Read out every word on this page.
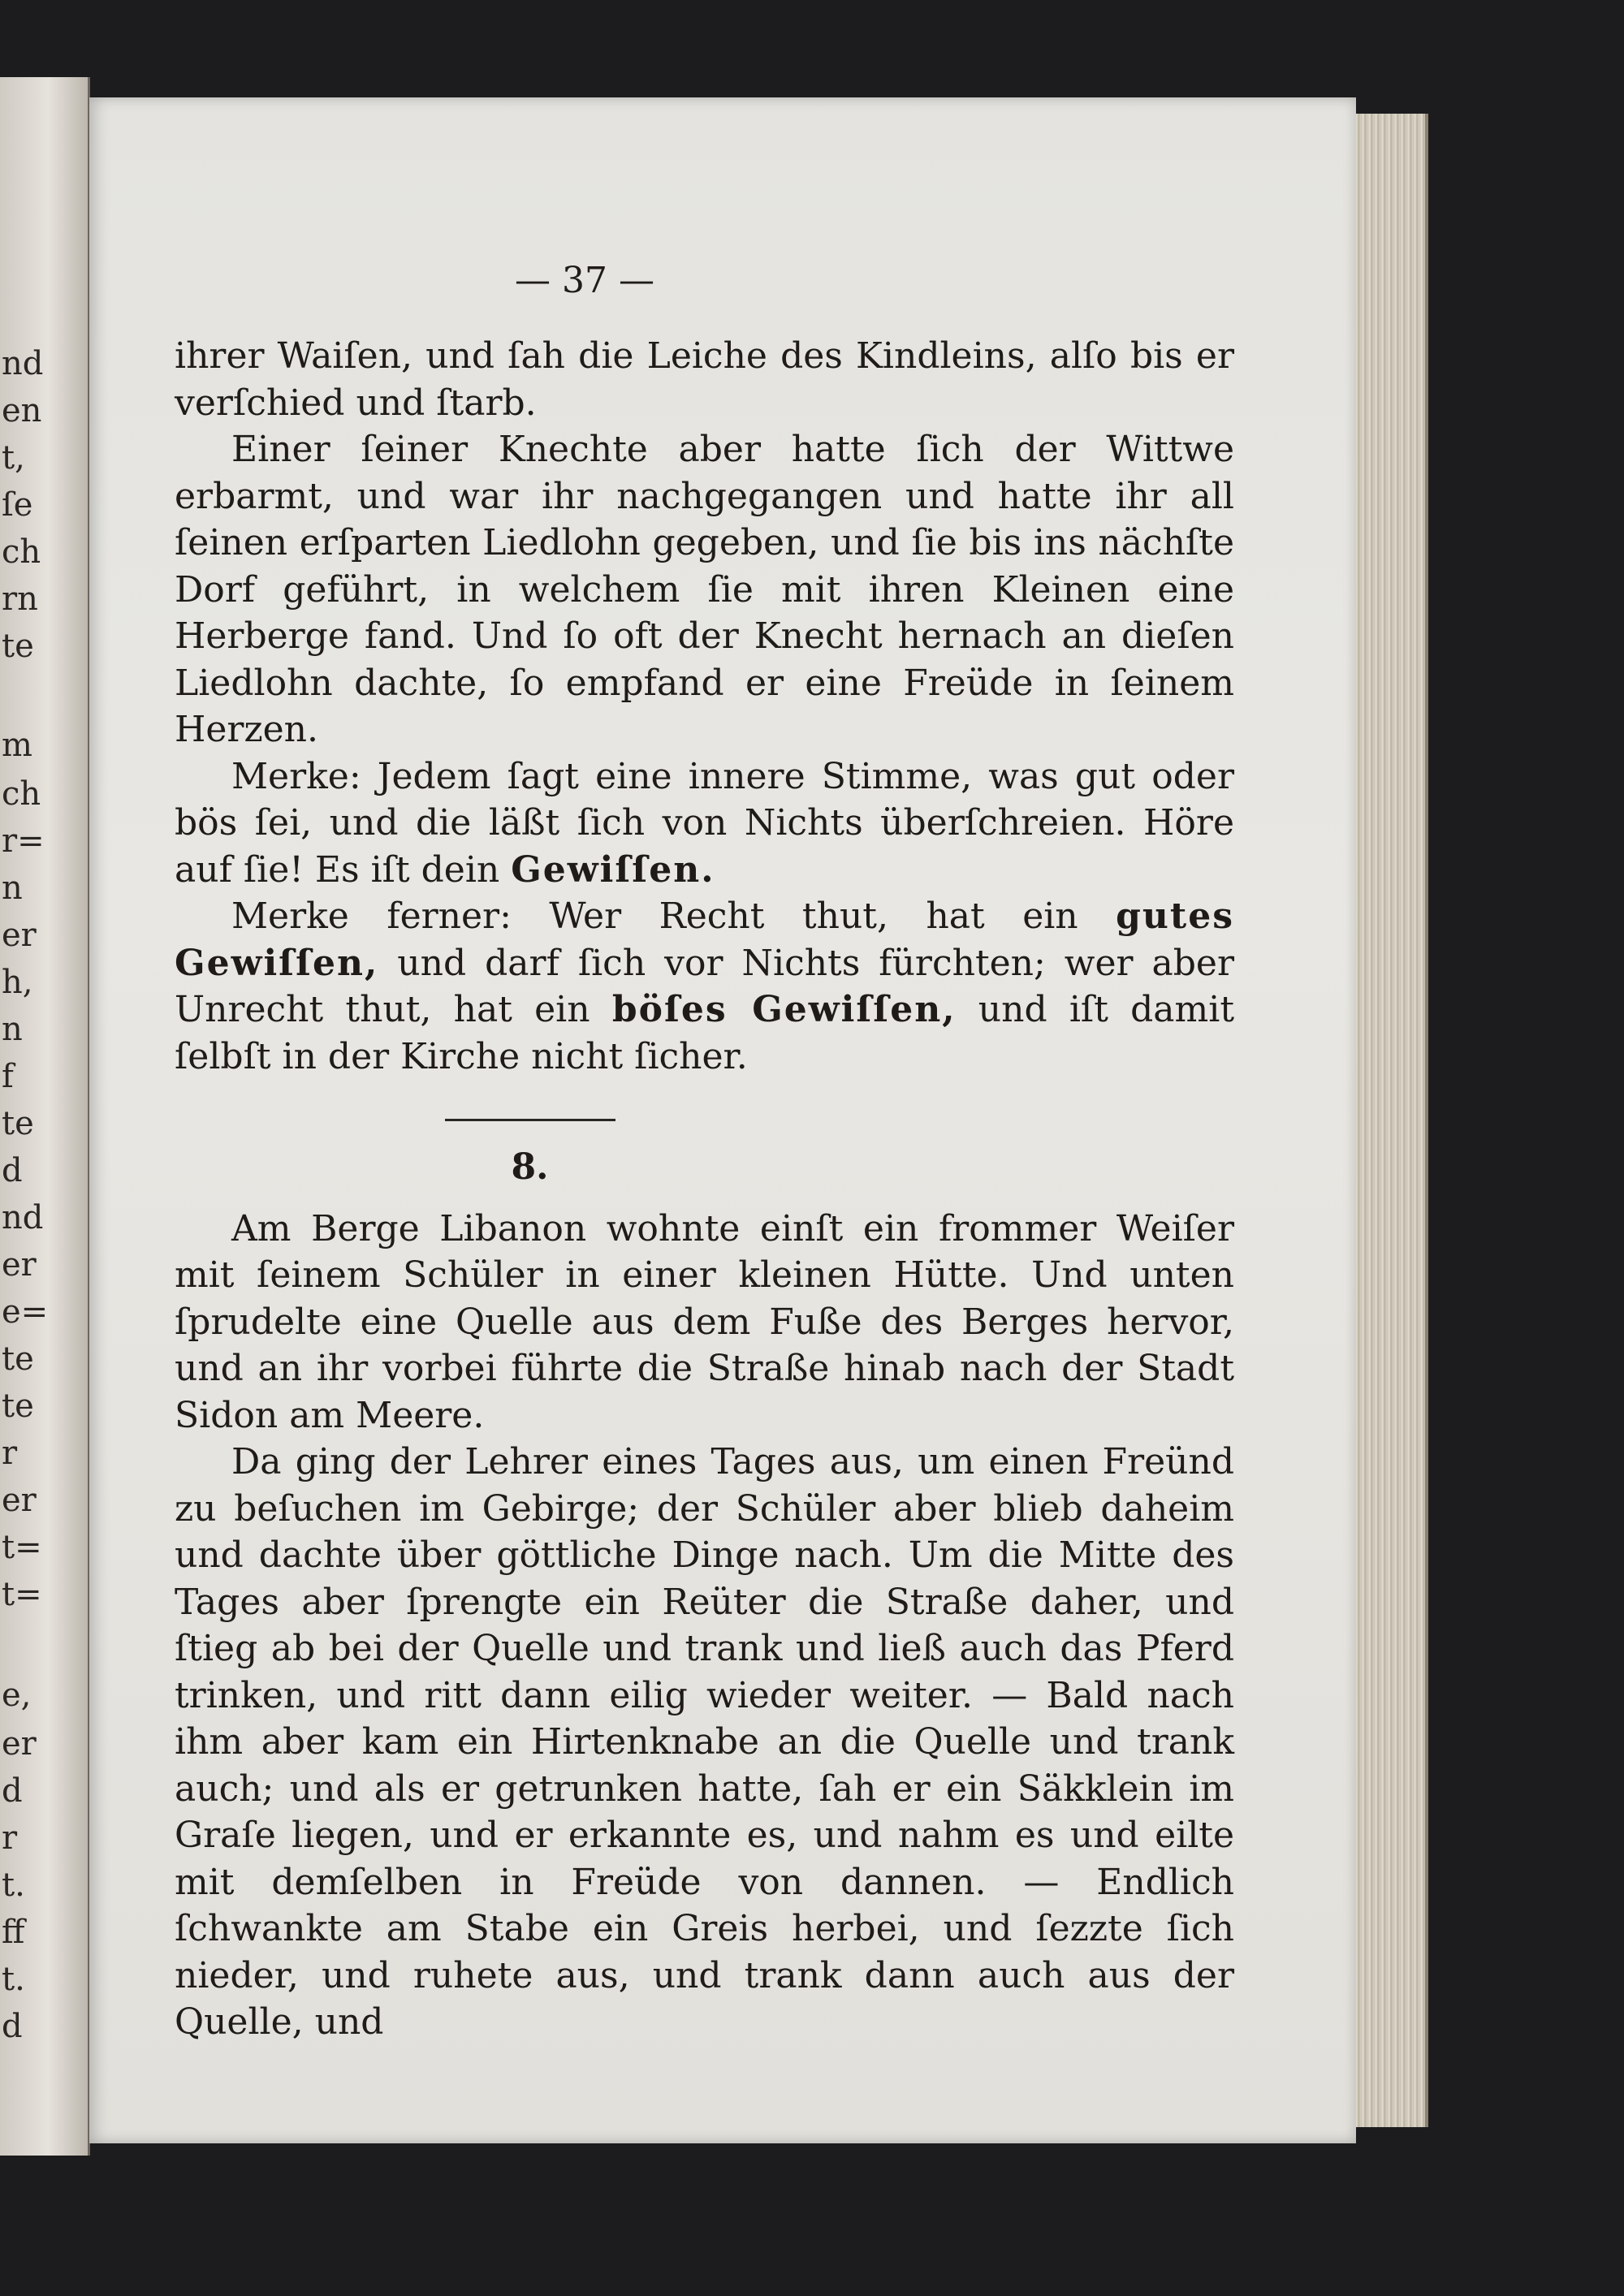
nd
en
t,
ſe
ch
rn
te
m
ch
r=
n
er
h,
n
f
te
d
nd
er
e=
te
te
r
er
t=
t=
e,
er
d
r
t.
ff
t.
d
— 37 —

ihrer Waiſen, und ſah die Leiche des Kindleins, alſo bis er verſchied und ſtarb.

Einer ſeiner Knechte aber hatte ſich der Wittwe erbarmt, und war ihr nachgegangen und hatte ihr all ſeinen erſparten Liedlohn gegeben, und ſie bis ins nächſte Dorf geführt, in welchem ſie mit ihren Kleinen eine Herberge fand. Und ſo oft der Knecht hernach an dieſen Liedlohn dachte, ſo empfand er eine Freüde in ſeinem Herzen.

Merke: Jedem ſagt eine innere Stimme, was gut oder bös ſei, und die läßt ſich von Nichts überſchreien. Höre auf ſie! Es iſt dein Gewiſſen.

Merke ferner: Wer Recht thut, hat ein gutes Gewiſſen, und darf ſich vor Nichts fürchten; wer aber Unrecht thut, hat ein böſes Gewiſſen, und iſt damit ſelbſt in der Kirche nicht ſicher.

8.

Am Berge Libanon wohnte einſt ein frommer Weiſer mit ſeinem Schüler in einer kleinen Hütte. Und unten ſprudelte eine Quelle aus dem Fuße des Berges hervor, und an ihr vorbei führte die Straße hinab nach der Stadt Sidon am Meere.

Da ging der Lehrer eines Tages aus, um einen Freünd zu beſuchen im Gebirge; der Schüler aber blieb daheim und dachte über göttliche Dinge nach. Um die Mitte des Tages aber ſprengte ein Reüter die Straße daher, und ſtieg ab bei der Quelle und trank und ließ auch das Pferd trinken, und ritt dann eilig wieder weiter. — Bald nach ihm aber kam ein Hirtenknabe an die Quelle und trank auch; und als er getrunken hatte, ſah er ein Säkklein im Graſe liegen, und er erkannte es, und nahm es und eilte mit demſelben in Freüde von dannen. — Endlich ſchwankte am Stabe ein Greis herbei, und ſezzte ſich nieder, und ruhete aus, und trank dann auch aus der Quelle, und
